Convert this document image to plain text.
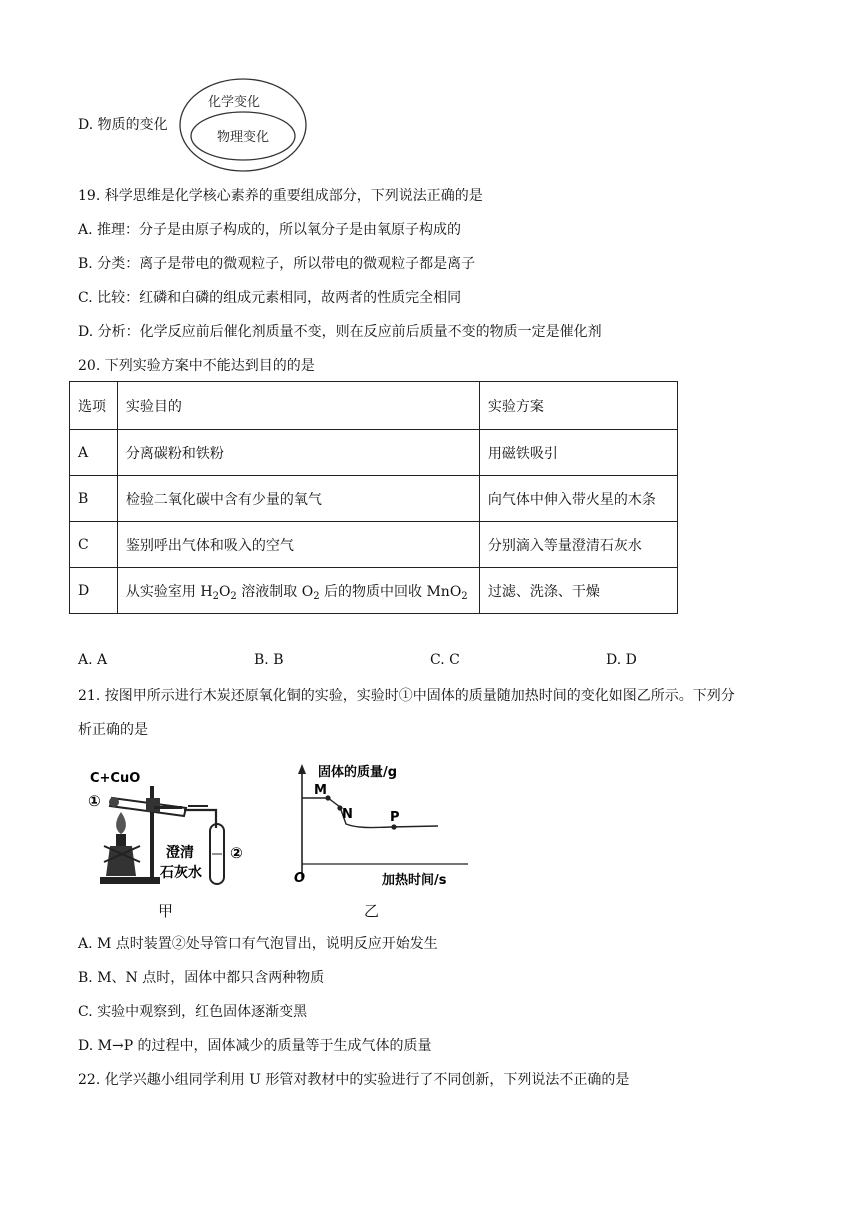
D. 物质的变化
化学变化
物理变化
19. 科学思维是化学核心素养的重要组成部分，下列说法正确的是
A. 推理：分子是由原子构成的，所以氧分子是由氧原子构成的
B. 分类：离子是带电的微观粒子，所以带电的微观粒子都是离子
C. 比较：红磷和白磷的组成元素相同，故两者的性质完全相同
D. 分析：化学反应前后催化剂质量不变，则在反应前后质量不变的物质一定是催化剂
20. 下列实验方案中不能达到目的的是
选项	实验目的	实验方案
A	分离碳粉和铁粉	用磁铁吸引
B	检验二氧化碳中含有少量的氧气	向气体中伸入带火星的木条
C	鉴别呼出气体和吸入的空气	分别滴入等量澄清石灰水
D	从实验室用 $H_2O_2$ 溶液制取 $O_2$ 后的物质中回收 MnO$_2$	过滤、洗涤、干燥
A. A	B. B	C. C	D. D
21. 按图甲所示进行木炭还原氧化铜的实验，实验时①中固体的质量随加热时间的变化如图乙所示。下列分
析正确的是
C+CuO
①
澄清
石灰水
②
甲
固体的质量/g
加热时间/s
O
M
N	P
乙
A. M 点时装置②处导管口有气泡冒出，说明反应开始发生
B. M、N 点时，固体中都只含两种物质
C. 实验中观察到，红色固体逐渐变黑
D. M→P 的过程中，固体减少的质量等于生成气体的质量
22. 化学兴趣小组同学利用 U 形管对教材中的实验进行了不同创新，下列说法不正确的是
